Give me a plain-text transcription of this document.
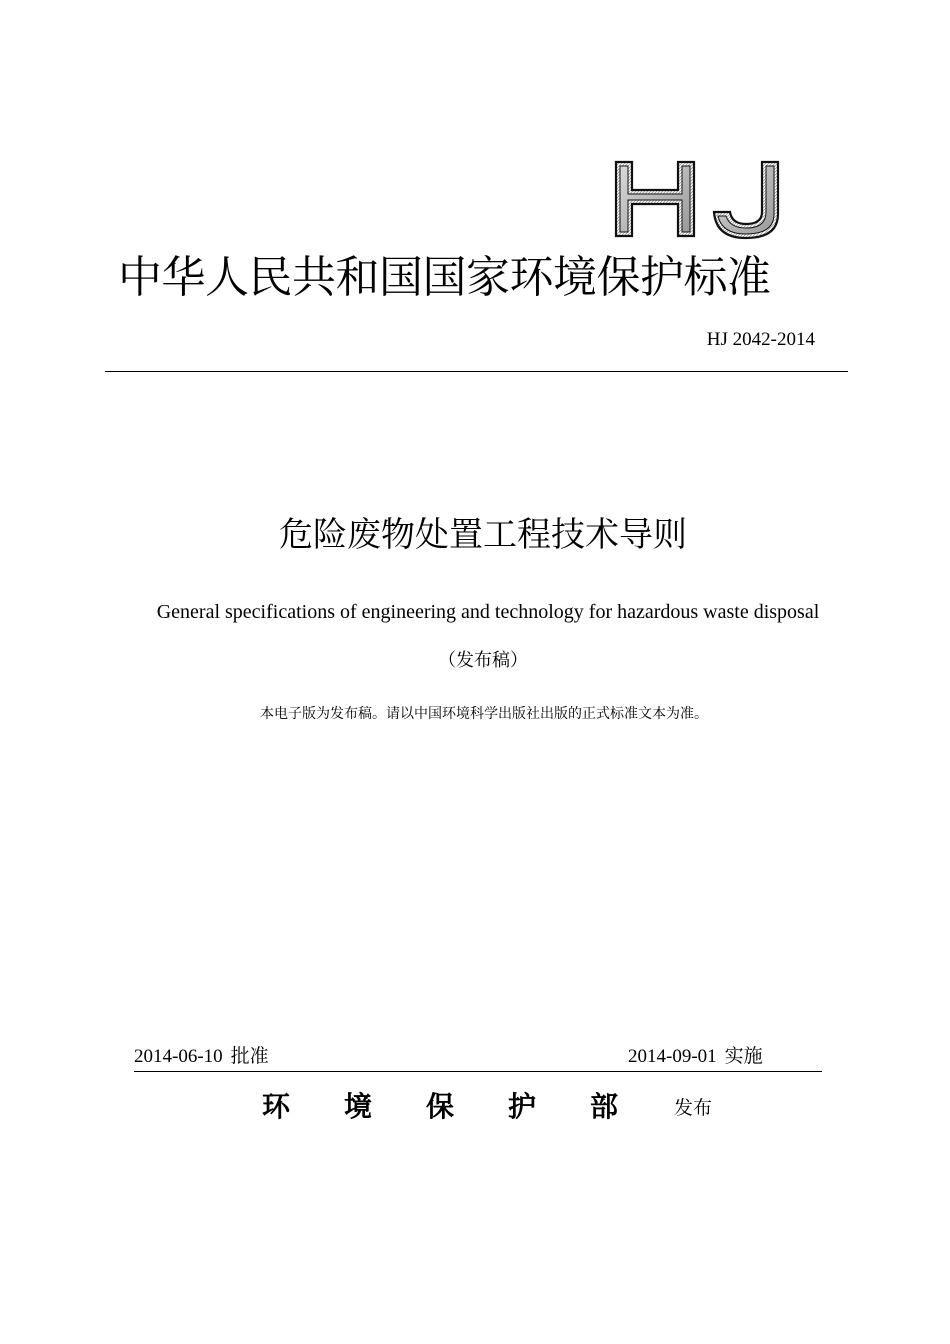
中华人民共和国国家环境保护标准
HJ 2042-2014
危险废物处置工程技术导则
General specifications of engineering and technology for hazardous waste disposal
（发布稿）
本电子版为发布稿。请以中国环境科学出版社出版的正式标准文本为准。
2014-06-10 批准	2014-09-01 实施
环境保护部 发布
